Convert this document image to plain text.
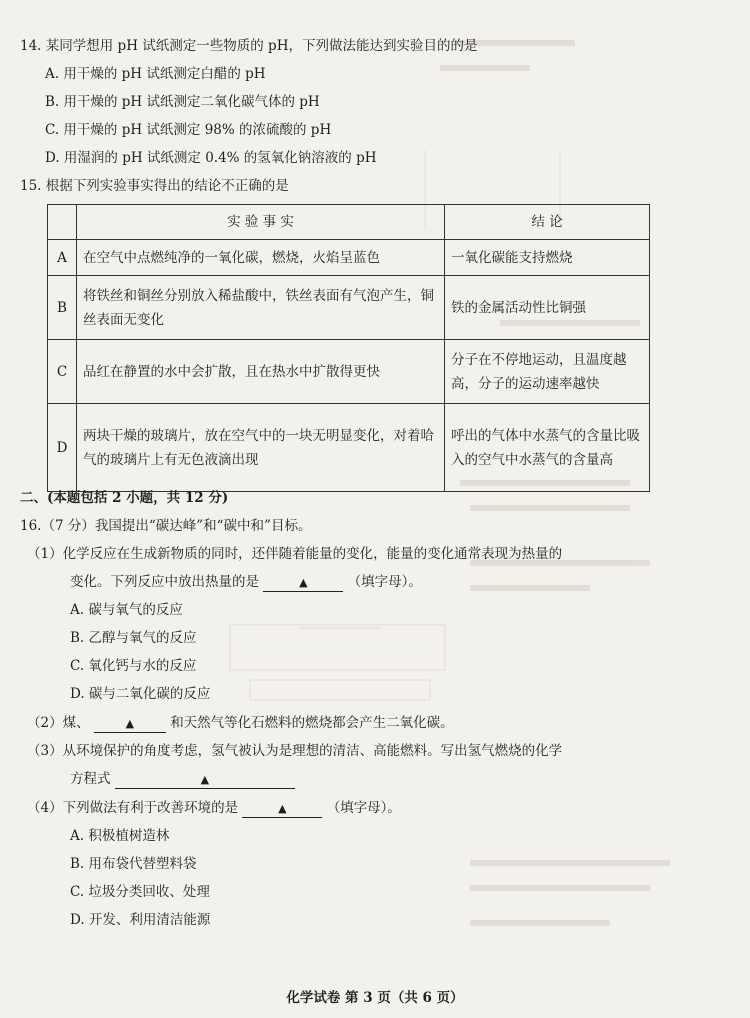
14. 某同学想用 pH 试纸测定一些物质的 pH，下列做法能达到实验目的的是
A. 用干燥的 pH 试纸测定白醋的 pH
B. 用干燥的 pH 试纸测定二氧化碳气体的 pH
C. 用干燥的 pH 试纸测定 98% 的浓硫酸的 pH
D. 用湿润的 pH 试纸测定 0.4% 的氢氧化钠溶液的 pH
15. 根据下列实验事实得出的结论不正确的是
	实 验 事 实	结 论
A	在空气中点燃纯净的一氧化碳，燃烧，火焰呈蓝色	一氧化碳能支持燃烧
B	将铁丝和铜丝分别放入稀盐酸中，铁丝表面有气泡产生，铜丝表面无变化	铁的金属活动性比铜强
C	品红在静置的水中会扩散，且在热水中扩散得更快	分子在不停地运动，且温度越高，分子的运动速率越快
D	两块干燥的玻璃片，放在空气中的一块无明显变化，对着哈气的玻璃片上有无色液滴出现	呼出的气体中水蒸气的含量比吸入的空气中水蒸气的含量高
二、(本题包括 2 小题，共 12 分)
16.（7 分）我国提出“碳达峰”和“碳中和”目标。
（1）化学反应在生成新物质的同时，还伴随着能量的变化，能量的变化通常表现为热量的
变化。下列反应中放出热量的是	▲	（填字母）。
A. 碳与氧气的反应
B. 乙醇与氧气的反应
C. 氧化钙与水的反应
D. 碳与二氧化碳的反应
（2）煤、	▲	和天然气等化石燃料的燃烧都会产生二氧化碳。
（3）从环境保护的角度考虑，氢气被认为是理想的清洁、高能燃料。写出氢气燃烧的化学
方程式	▲
（4）下列做法有利于改善环境的是	▲	（填字母）。
A. 积极植树造林
B. 用布袋代替塑料袋
C. 垃圾分类回收、处理
D. 开发、利用清洁能源
化学试卷 第 3 页（共 6 页）
